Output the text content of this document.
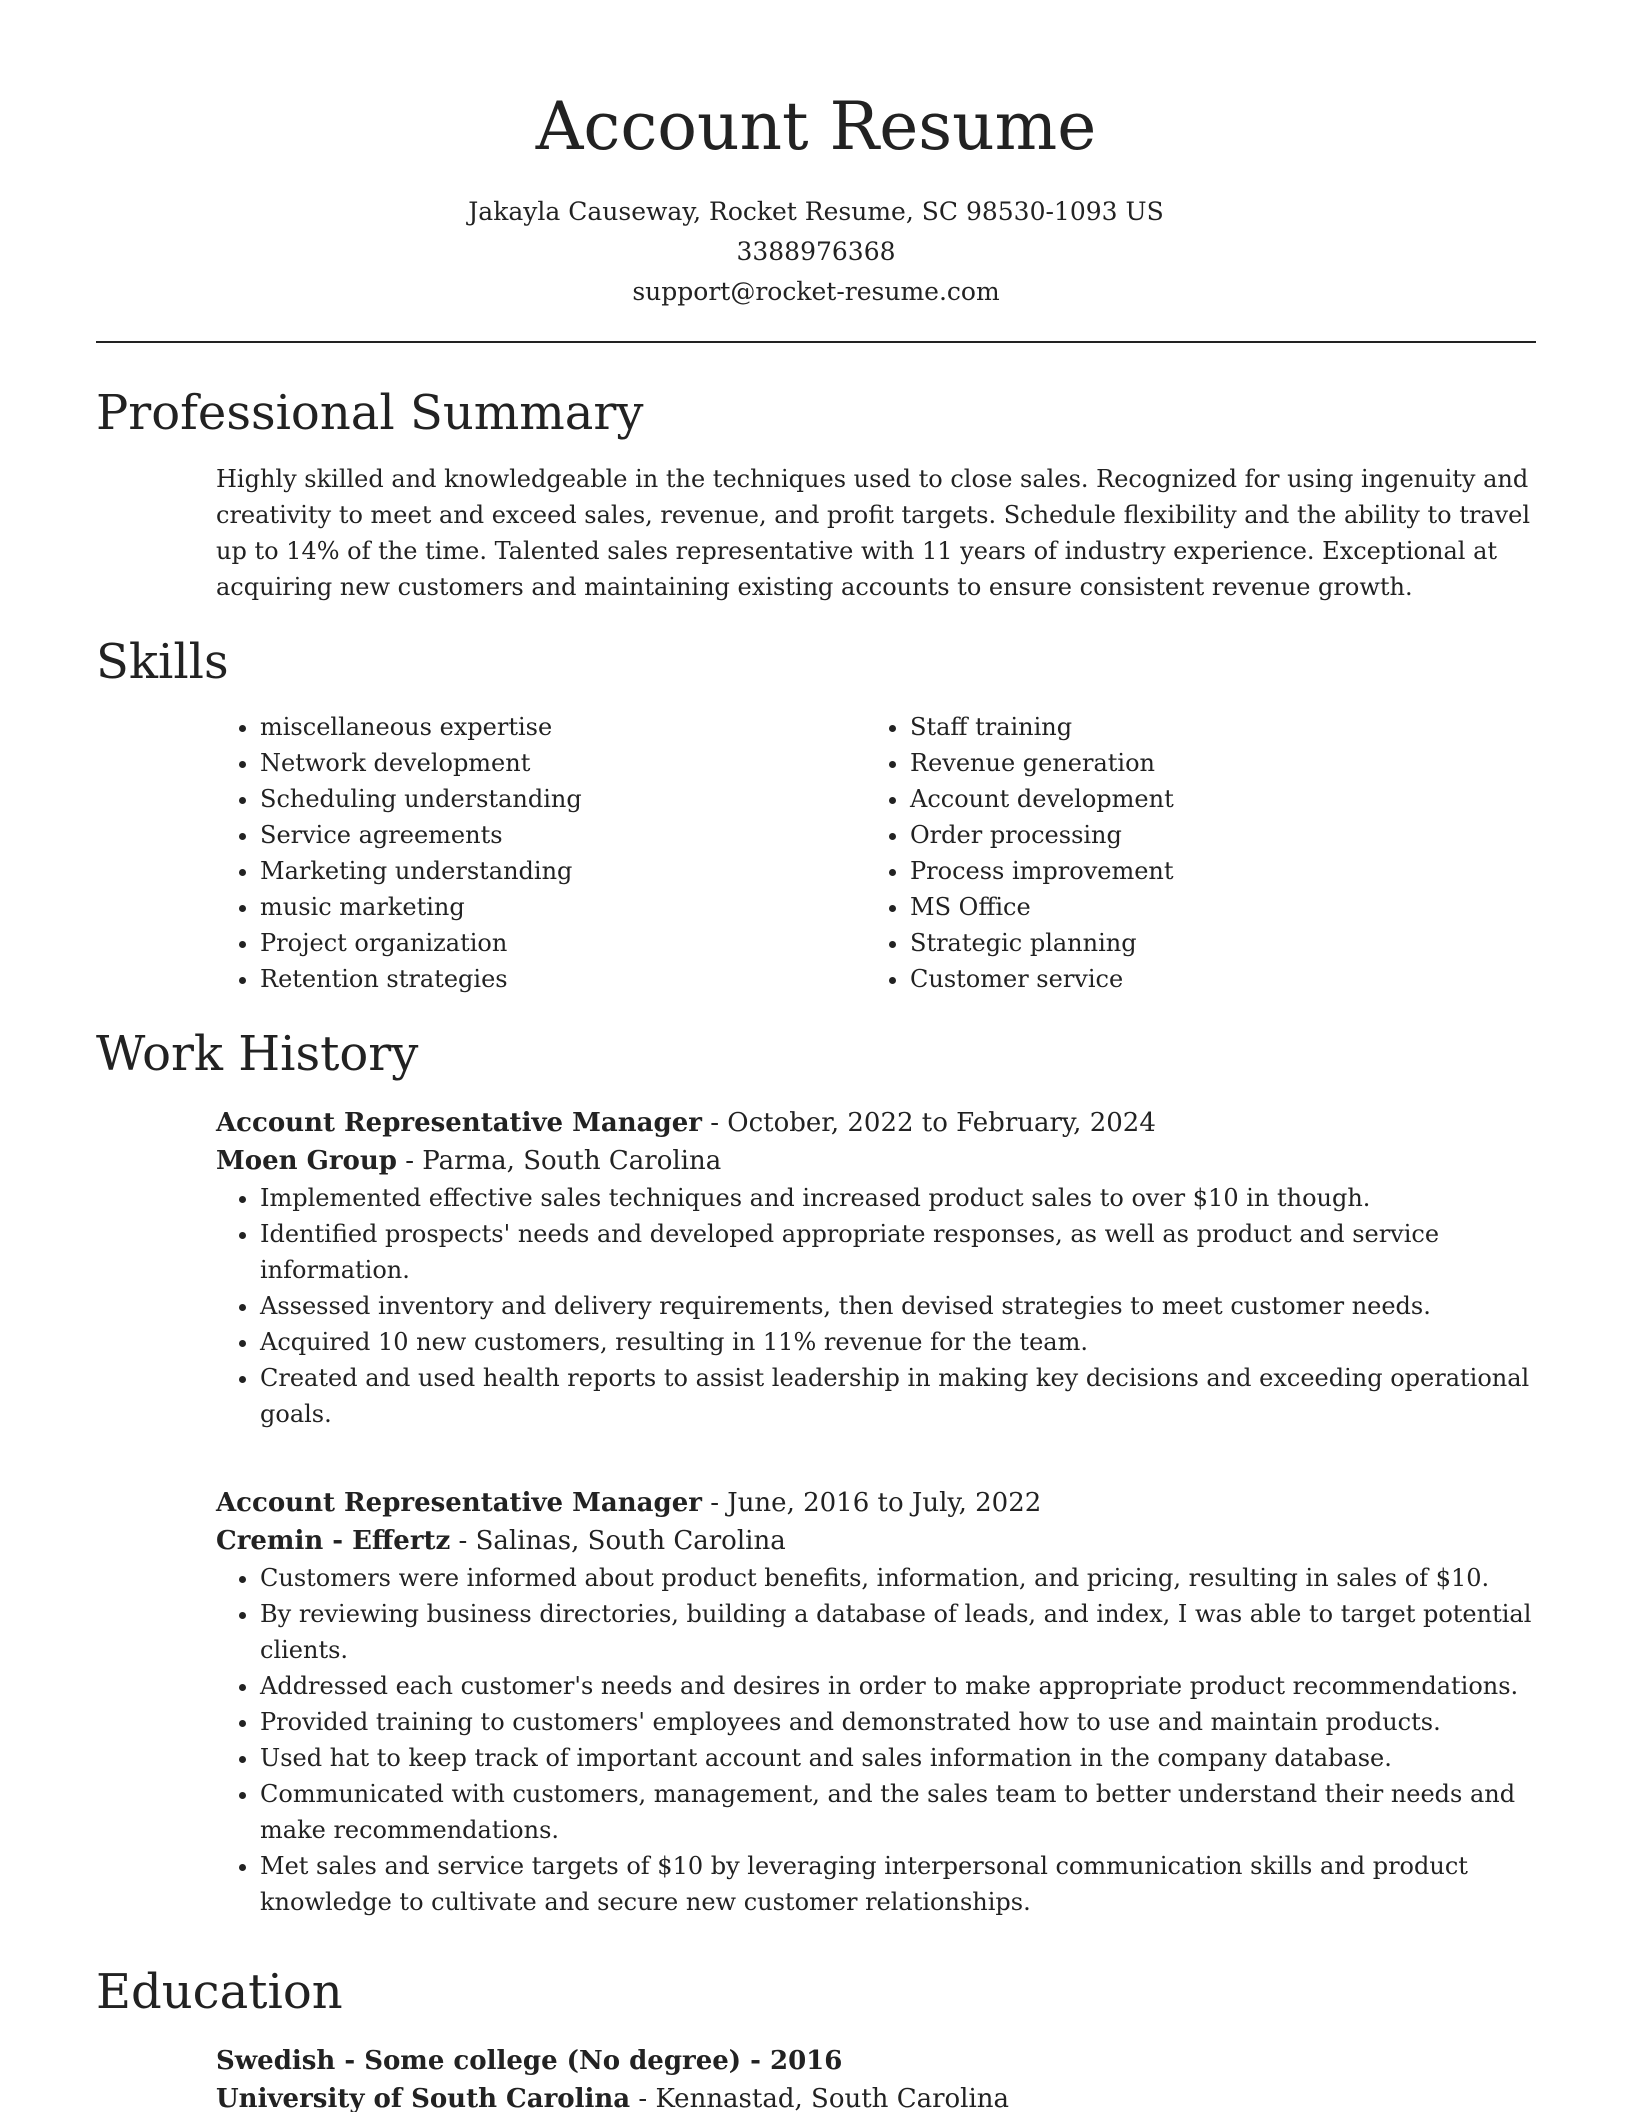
Account Resume
Jakayla Causeway, Rocket Resume, SC 98530-1093 US
3388976368
support@rocket-resume.com
Professional Summary

Highly skilled and knowledgeable in the techniques used to close sales. Recognized for using ingenuity and creativity to meet and exceed sales, revenue, and profit targets. Schedule flexibility and the ability to travel up to 14% of the time. Talented sales representative with 11 years of industry experience. Exceptional at acquiring new customers and maintaining existing accounts to ensure consistent revenue growth.

Skills
• miscellaneous expertise
• Network development
• Scheduling understanding
• Service agreements
• Marketing understanding
• music marketing
• Project organization
• Retention strategies
• Staff training
• Revenue generation
• Account development
• Order processing
• Process improvement
• MS Office
• Strategic planning
• Customer service
Work History
Account Representative Manager - October, 2022 to February, 2024
Moen Group - Parma, South Carolina
• Implemented effective sales techniques and increased product sales to over $10 in though.
• Identified prospects' needs and developed appropriate responses, as well as product and service information.
• Assessed inventory and delivery requirements, then devised strategies to meet customer needs.
• Acquired 10 new customers, resulting in 11% revenue for the team.
• Created and used health reports to assist leadership in making key decisions and exceeding operational goals.
Account Representative Manager - June, 2016 to July, 2022
Cremin - Effertz - Salinas, South Carolina
• Customers were informed about product benefits, information, and pricing, resulting in sales of $10.
• By reviewing business directories, building a database of leads, and index, I was able to target potential clients.
• Addressed each customer's needs and desires in order to make appropriate product recommendations.
• Provided training to customers' employees and demonstrated how to use and maintain products.
• Used hat to keep track of important account and sales information in the company database.
• Communicated with customers, management, and the sales team to better understand their needs and make recommendations.
• Met sales and service targets of $10 by leveraging interpersonal communication skills and product knowledge to cultivate and secure new customer relationships.
Education
Swedish - Some college (No degree) - 2016
University of South Carolina - Kennastad, South Carolina
